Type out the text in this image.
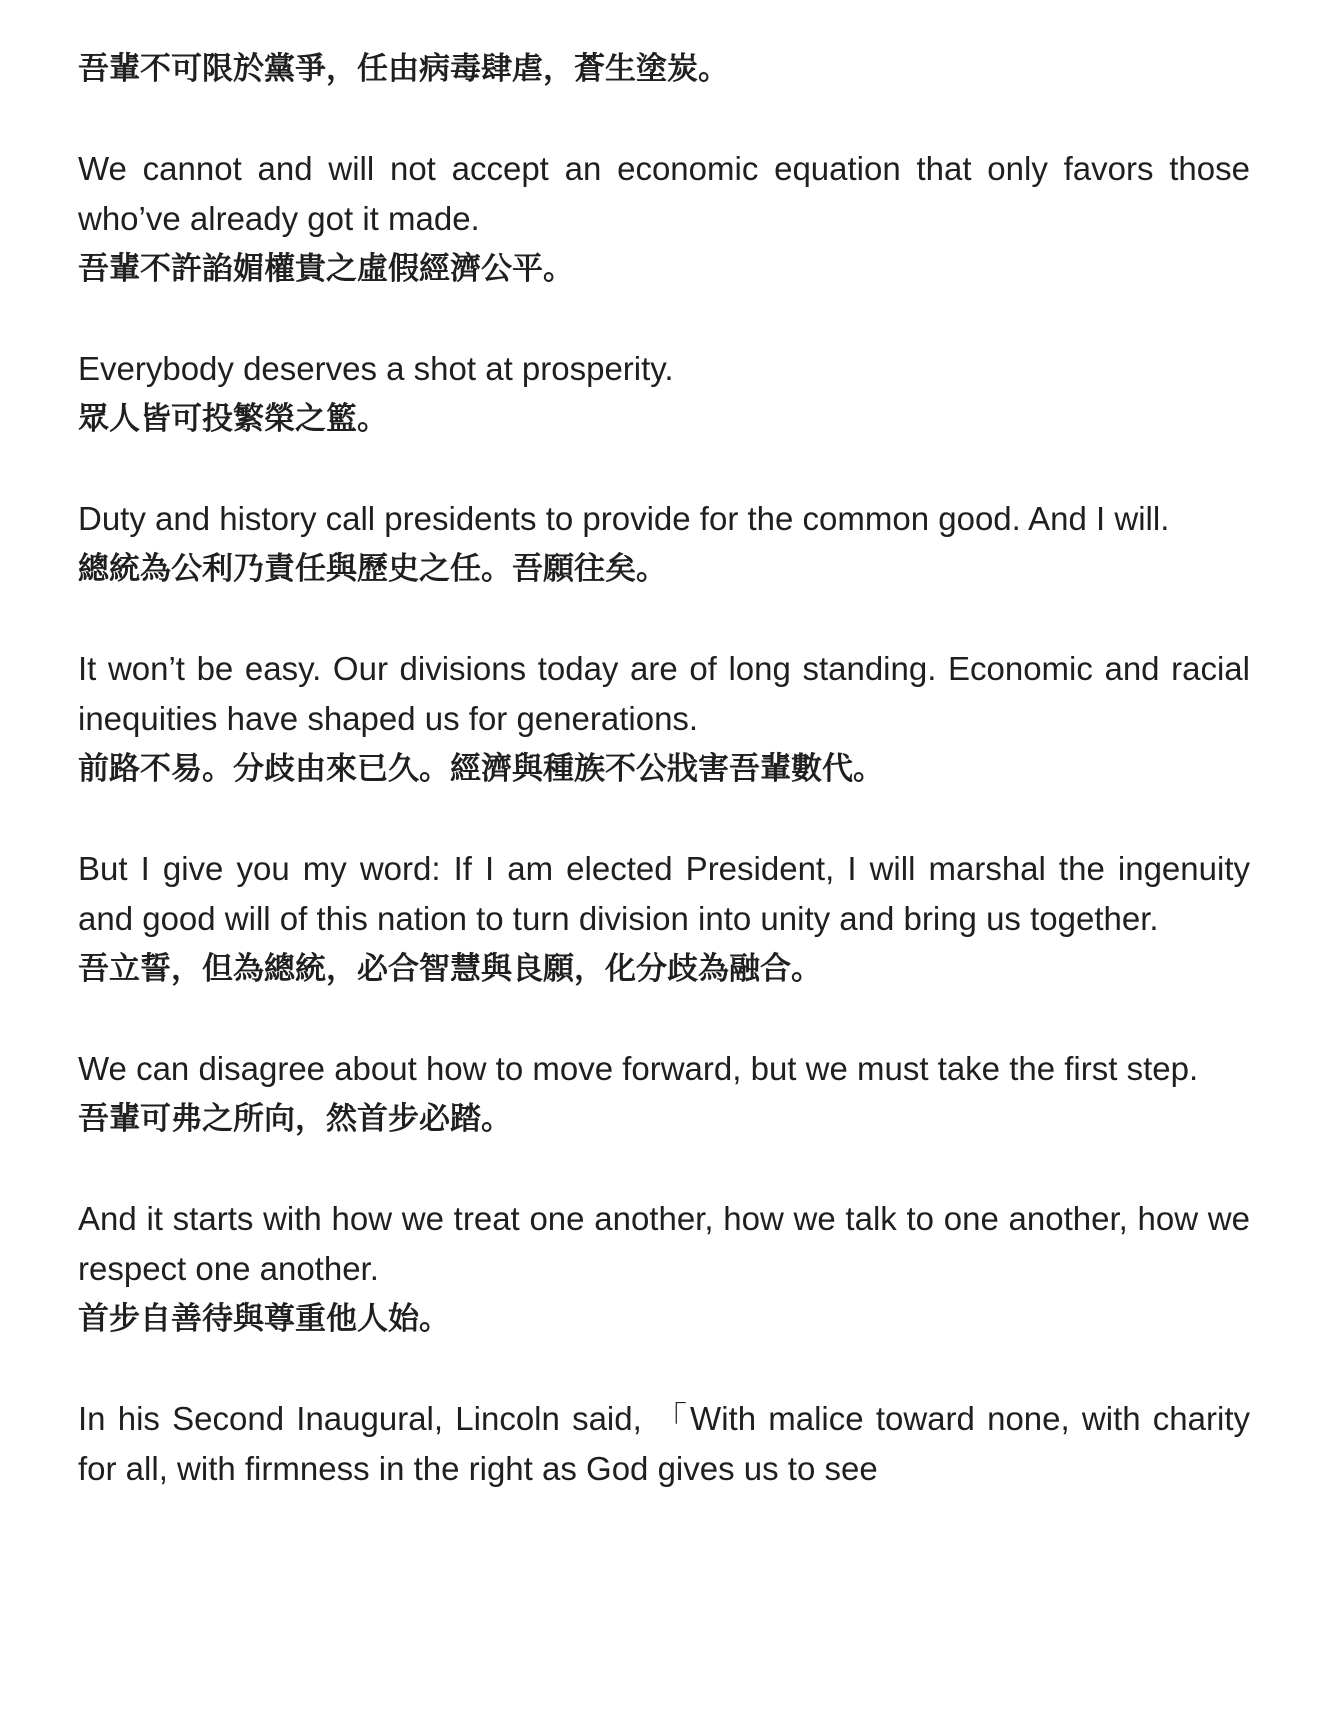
吾輩不可限於黨爭，任由病毒肆虐，蒼生塗炭。
We cannot and will not accept an economic equation that only favors those who’ve already got it made.
吾輩不許諂媚權貴之虛假經濟公平。
Everybody deserves a shot at prosperity.
眾人皆可投繁榮之籃。
Duty and history call presidents to provide for the common good. And I will.
總統為公利乃責任與歷史之任。吾願往矣。
It won’t be easy. Our divisions today are of long standing. Economic and racial inequities have shaped us for generations.
前路不易。分歧由來已久。經濟與種族不公戕害吾輩數代。
But I give you my word: If I am elected President, I will marshal the ingenuity and good will of this nation to turn division into unity and bring us together.
吾立誓，但為總統，必合智慧與良願，化分歧為融合。
We can disagree about how to move forward, but we must take the first step.
吾輩可弗之所向，然首步必踏。
And it starts with how we treat one another, how we talk to one another, how we respect one another.
首步自善待與尊重他人始。
In his Second Inaugural, Lincoln said, 「With malice toward none, with charity for all, with firmness in the right as God gives us to see
